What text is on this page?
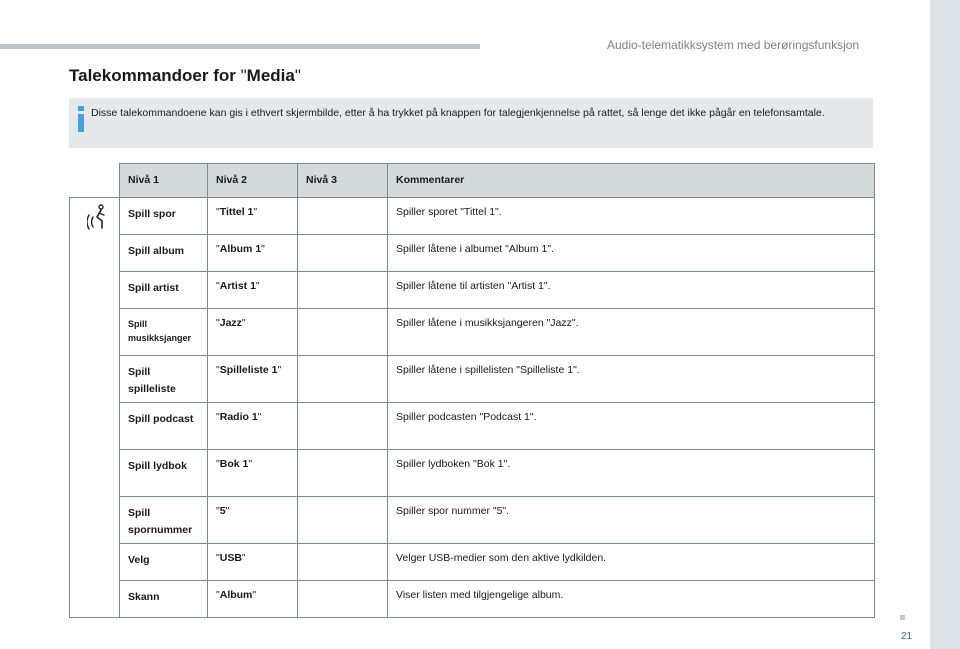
Audio-telematikksystem med berøringsfunksjon
21
Talekommandoer for "Media"
Disse talekommandoene kan gis i ethvert skjermbilde, etter å ha trykket på knappen for talegjenkjennelse på rattet, så lenge det ikke pågår en telefonsamtale.
	Nivå 1	Nivå 2	Nivå 3	Kommentarer

	Spill spor	"Tittel 1"		Spiller sporet "Tittel 1".
	Spill album	"Album 1"		Spiller låtene i albumet "Album 1".
	Spill artist	"Artist 1"		Spiller låtene til artisten "Artist 1".
	Spill musikksjanger	"Jazz"		Spiller låtene i musikksjangeren "Jazz".
	Spill spilleliste	"Spilleliste 1"		Spiller låtene i spillelisten "Spilleliste 1".
	Spill podcast	"Radio 1"		Spiller podcasten "Podcast 1".
	Spill lydbok	"Bok 1"		Spiller lydboken "Bok 1".
	Spill spornummer	"5"		Spiller spor nummer "5".
	Velg	"USB"		Velger USB-medier som den aktive lydkilden.
	Skann	"Album"		Viser listen med tilgjengelige album.
